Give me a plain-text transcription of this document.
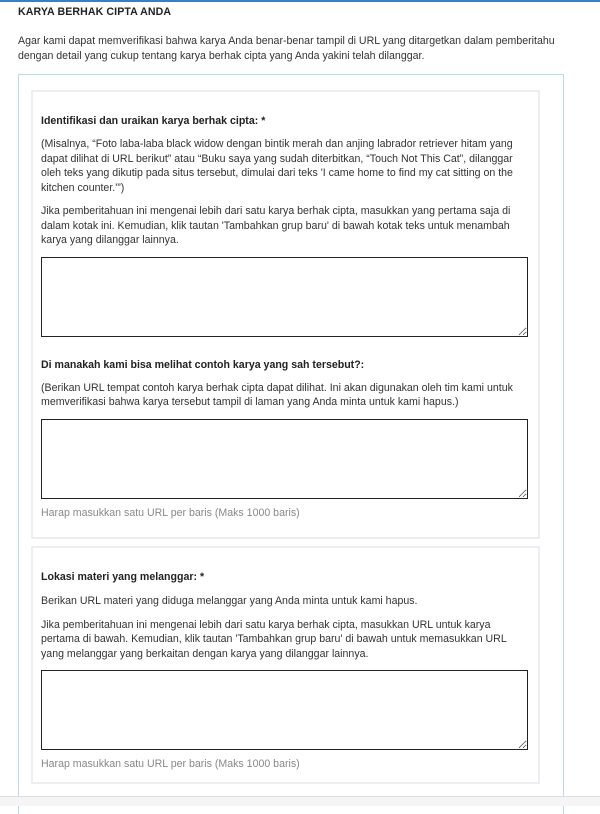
KARYA BERHAK CIPTA ANDA
Agar kami dapat memverifikasi bahwa karya Anda benar-benar tampil di URL yang ditargetkan dalam pemberitahu
dengan detail yang cukup tentang karya berhak cipta yang Anda yakini telah dilanggar.
Identifikasi dan uraikan karya berhak cipta: *
(Misalnya, “Foto laba-laba black widow dengan bintik merah dan anjing labrador retriever hitam yang dapat dilihat di URL berikut” atau “Buku saya yang sudah diterbitkan, “Touch Not This Cat”, dilanggar oleh teks yang dikutip pada situs tersebut, dimulai dari teks 'I came home to find my cat sitting on the kitchen counter.'”)
Jika pemberitahuan ini mengenai lebih dari satu karya berhak cipta, masukkan yang pertama saja di dalam kotak ini. Kemudian, klik tautan 'Tambahkan grup baru' di bawah kotak teks untuk menambah karya yang dilanggar lainnya.
Di manakah kami bisa melihat contoh karya yang sah tersebut?:
(Berikan URL tempat contoh karya berhak cipta dapat dilihat. Ini akan digunakan oleh tim kami untuk memverifikasi bahwa karya tersebut tampil di laman yang Anda minta untuk kami hapus.)
Harap masukkan satu URL per baris (Maks 1000 baris)
Lokasi materi yang melanggar: *
Berikan URL materi yang diduga melanggar yang Anda minta untuk kami hapus.
Jika pemberitahuan ini mengenai lebih dari satu karya berhak cipta, masukkan URL untuk karya pertama di bawah. Kemudian, klik tautan 'Tambahkan grup baru' di bawah untuk memasukkan URL yang melanggar yang berkaitan dengan karya yang dilanggar lainnya.
Harap masukkan satu URL per baris (Maks 1000 baris)
